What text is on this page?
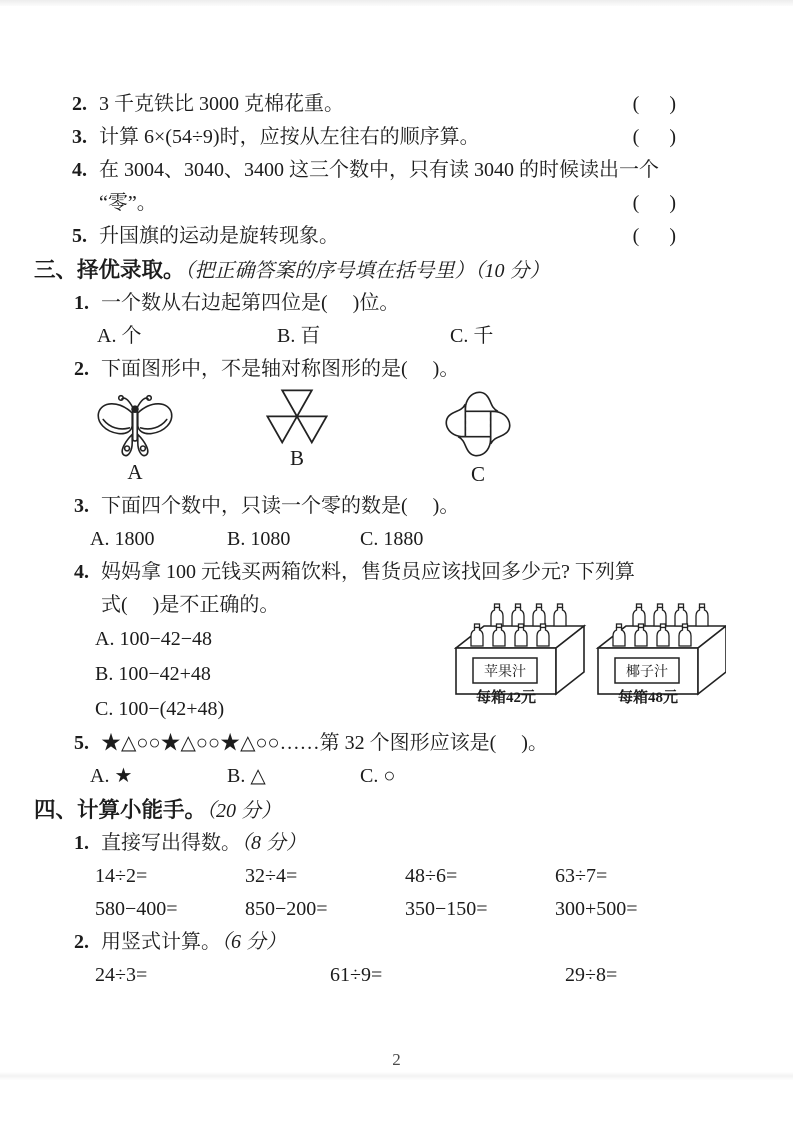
2. 3 千克铁比 3000 克棉花重。	(      )
3. 计算 6×(54÷9)时，应按从左往右的顺序算。	(      )
4. 在 3004、3040、3400 这三个数中，只有读 3040 的时候读出一个
“零”。	(      )
5. 升国旗的运动是旋转现象。	(      )
三、择优录取。（把正确答案的序号填在括号里）（10 分）
1. 一个数从右边起第四位是(     )位。
A. 个	B. 百	C. 千
2. 下面图形中，不是轴对称图形的是(     )。
A
B
C
3. 下面四个数中，只读一个零的数是(     )。
A. 1800	B. 1080	C. 1880
4. 妈妈拿 100 元钱买两箱饮料，售货员应该找回多少元? 下列算
式(     )是不正确的。
A. 100−42−48
B. 100−42+48
C. 100−(42+48)
苹果汁
每箱42元
椰子汁
每箱48元
5. ★△○○★△○○★△○○……第 32 个图形应该是(     )。
A. ★	B. △	C. ○
四、计算小能手。（20 分）
1. 直接写出得数。（8 分）
14÷2=	32÷4=	48÷6=	63÷7=
580−400=	850−200=	350−150=	300+500=
2. 用竖式计算。（6 分）
24÷3=	61÷9=	29÷8=
2
